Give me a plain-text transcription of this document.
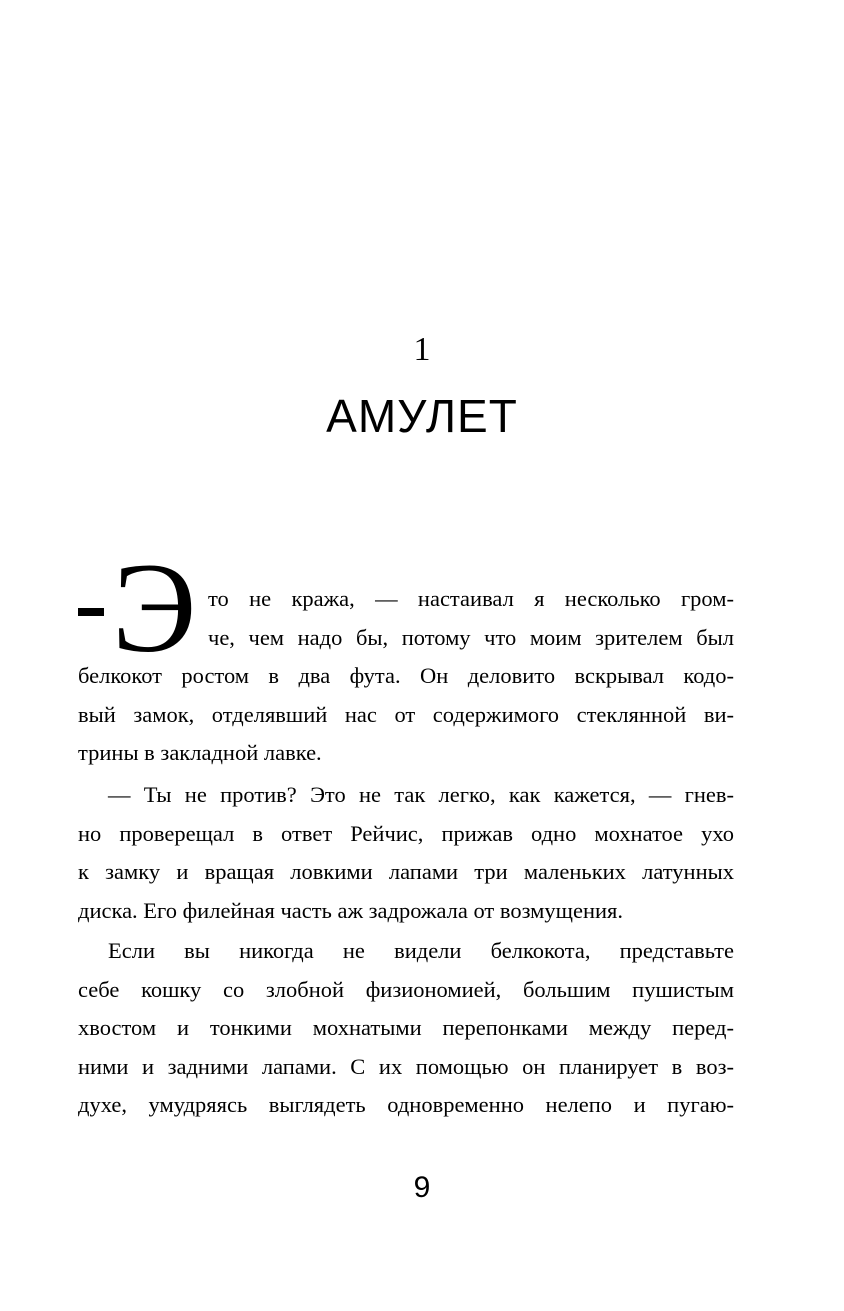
1
АМУЛЕТ
Э то не кража, — настаивал я несколько гром-
че, чем надо бы, потому что моим зрителем был
белкокот ростом в два фута. Он деловито вскрывал кодо-
вый замок, отделявший нас от содержимого стеклянной ви-
трины в закладной лавке.
— Ты не против? Это не так легко, как кажется, — гнев-
но проверещал в ответ Рейчис, прижав одно мохнатое ухо
к замку и вращая ловкими лапами три маленьких латунных
диска. Его филейная часть аж задрожала от возмущения.
Если вы никогда не видели белкокота, представьте
себе кошку со злобной физиономией, большим пушистым
хвостом и тонкими мохнатыми перепонками между перед-
ними и задними лапами. С их помощью он планирует в воз-
духе, умудряясь выглядеть одновременно нелепо и пугаю-
9
